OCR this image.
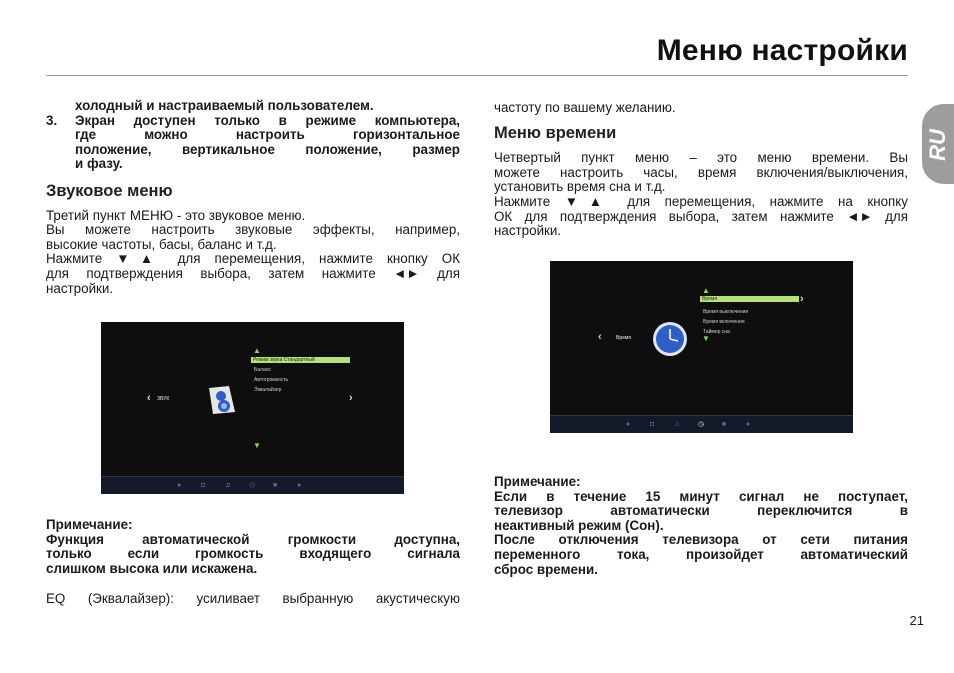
Меню настройки
RU

холодный и настраиваемый пользователем.

3. Экран доступен только в режиме компьютера,

где можно настроить горизонтальное

положение, вертикальное положение, размер

и фазу.

Звуковое меню

Третий пункт МЕНЮ - это звуковое меню.

Вы можете настроить звуковые эффекты, например,

высокие частоты, басы, баланс и т.д.

Нажмите ▼▲ для перемещения, нажмите кнопку ОК

для подтверждения выбора, затем нажмите ◄► для

настройки.

▲
Режим звука Стандартный
Баланс
Автогромкость
Эквалайзер
▼
‹ ЗВУК	›
●	◘	♫	◷	■	●

Примечание:

Функция автоматической громкости доступна,

только если громкость входящего сигнала

слишком высока или искажена.

EQ (Эквалайзер): усиливает выбранную акустическую

частоту по вашему желанию.

Меню времени

Четвертый пункт меню – это меню времени. Вы

можете настроить часы, время включения/выключения,

установить время сна и т.д.

Нажмите ▼▲ для перемещения, нажмите на кнопку

ОК для подтверждения выбора, затем нажмите ◄► для

настройки.

▲
Время
Время выключения
Время включения
Таймер сна
▼
‹	Время
›
●	◘	♫	◷	■	●

Примечание:

Если в течение 15 минут сигнал не поступает,

телевизор автоматически переключится в

неактивный режим (Сон).

После отключения телевизора от сети питания

переменного тока, произойдет автоматический

сброс времени.

21
